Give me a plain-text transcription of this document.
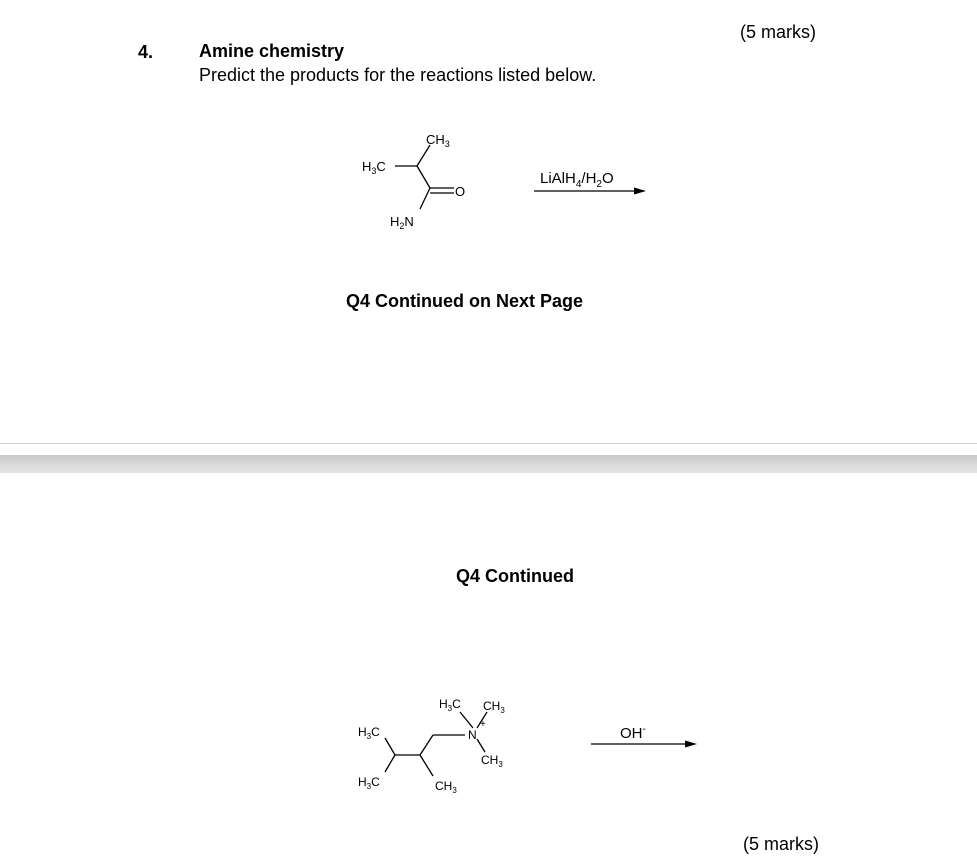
(5 marks)
4.	Amine chemistry
Predict the products for the reactions listed below.
$CH_3$
$H_3C$
O
$H_2N$
$LiAlH_4/H_2O$
Q4 Continued on Next Page
Q4 Continued
$H_3C$ $CH_3$
N
+
$CH_3$
$H_3C$
$H_3C$	$CH_3$
OH-
(5 marks)
